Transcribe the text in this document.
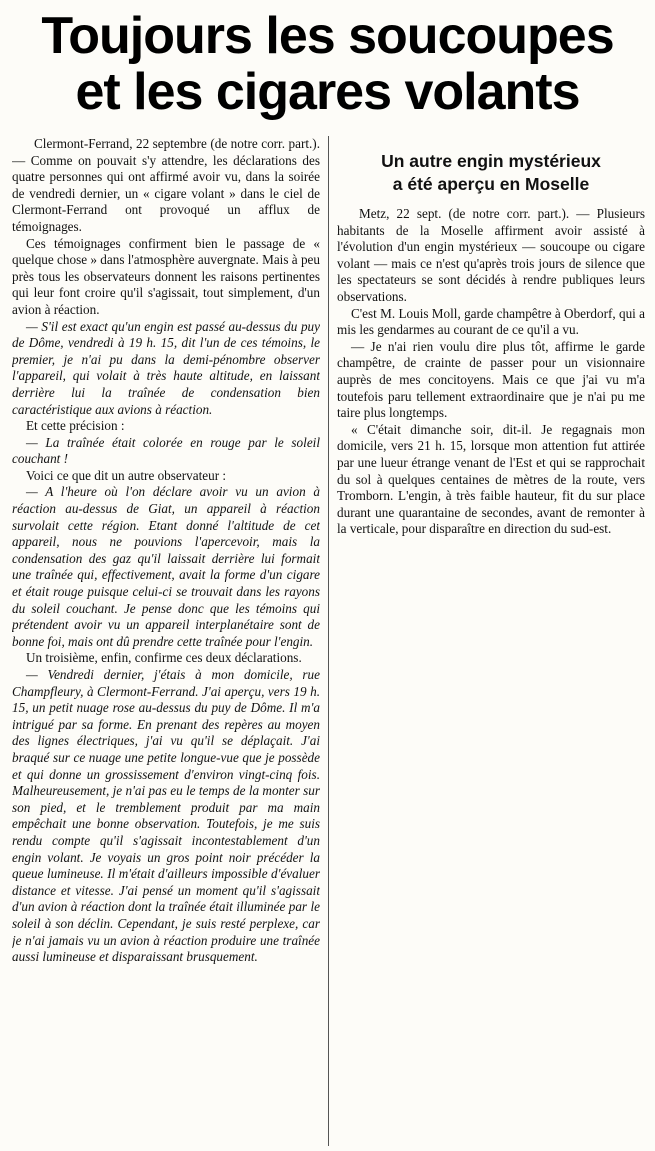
Toujours les soucoupes
et les cigares volants

Clermont-Ferrand, 22 septembre (de notre corr. part.). — Comme on pouvait s'y attendre, les déclarations des quatre personnes qui ont affirmé avoir vu, dans la soirée de vendredi dernier, un « cigare volant » dans le ciel de Clermont-Ferrand ont provoqué un afflux de témoignages.

Ces témoignages confirment bien le passage de « quelque chose » dans l'atmosphère auvergnate. Mais à peu près tous les observateurs donnent les raisons pertinentes qui leur font croire qu'il s'agissait, tout simplement, d'un avion à réaction.

— S'il est exact qu'un engin est passé au-dessus du puy de Dôme, vendredi à 19 h. 15, dit l'un de ces témoins, le premier, je n'ai pu dans la demi-pénombre observer l'appareil, qui volait à très haute altitude, en laissant derrière lui la traînée de condensation bien caractéristique aux avions à réaction.

Et cette précision :

— La traînée était colorée en rouge par le soleil couchant !

Voici ce que dit un autre observateur :

— A l'heure où l'on déclare avoir vu un avion à réaction au-dessus de Giat, un appareil à réaction survolait cette région. Etant donné l'altitude de cet appareil, nous ne pouvions l'apercevoir, mais la condensation des gaz qu'il laissait derrière lui formait une traînée qui, effectivement, avait la forme d'un cigare et était rouge puisque celui-ci se trouvait dans les rayons du soleil couchant. Je pense donc que les témoins qui prétendent avoir vu un appareil interplanétaire sont de bonne foi, mais ont dû prendre cette traînée pour l'engin.

Un troisième, enfin, confirme ces deux déclarations.

— Vendredi dernier, j'étais à mon domicile, rue Champfleury, à Clermont-Ferrand. J'ai aperçu, vers 19 h. 15, un petit nuage rose au-dessus du puy de Dôme. Il m'a intrigué par sa forme. En prenant des repères au moyen des lignes électriques, j'ai vu qu'il se déplaçait. J'ai braqué sur ce nuage une petite longue-vue que je possède et qui donne un grossissement d'environ vingt-cinq fois. Malheureusement, je n'ai pas eu le temps de la monter sur son pied, et le tremblement produit par ma main empêchait une bonne observation. Toutefois, je me suis rendu compte qu'il s'agissait incontestablement d'un engin volant. Je voyais un gros point noir précéder la queue lumineuse. Il m'était d'ailleurs impossible d'évaluer distance et vitesse. J'ai pensé un moment qu'il s'agissait d'un avion à réaction dont la traînée était illuminée par le soleil à son déclin. Cependant, je suis resté perplexe, car je n'ai jamais vu un avion à réaction produire une traînée aussi lumineuse et disparaissant brusquement.

Un autre engin mystérieux
a été aperçu en Moselle

Metz, 22 sept. (de notre corr. part.). — Plusieurs habitants de la Moselle affirment avoir assisté à l'évolution d'un engin mystérieux — soucoupe ou cigare volant — mais ce n'est qu'après trois jours de silence que les spectateurs se sont décidés à rendre publiques leurs observations.

C'est M. Louis Moll, garde champêtre à Oberdorf, qui a mis les gendarmes au courant de ce qu'il a vu.

— Je n'ai rien voulu dire plus tôt, affirme le garde champêtre, de crainte de passer pour un visionnaire auprès de mes concitoyens. Mais ce que j'ai vu m'a toutefois paru tellement extraordinaire que je n'ai pu me taire plus longtemps.

« C'était dimanche soir, dit-il. Je regagnais mon domicile, vers 21 h. 15, lorsque mon attention fut attirée par une lueur étrange venant de l'Est et qui se rapprochait du sol à quelques centaines de mètres de la route, vers Tromborn. L'engin, à très faible hauteur, fit du sur place durant une quarantaine de secondes, avant de remonter à la verticale, pour disparaître en direction du sud-est.
